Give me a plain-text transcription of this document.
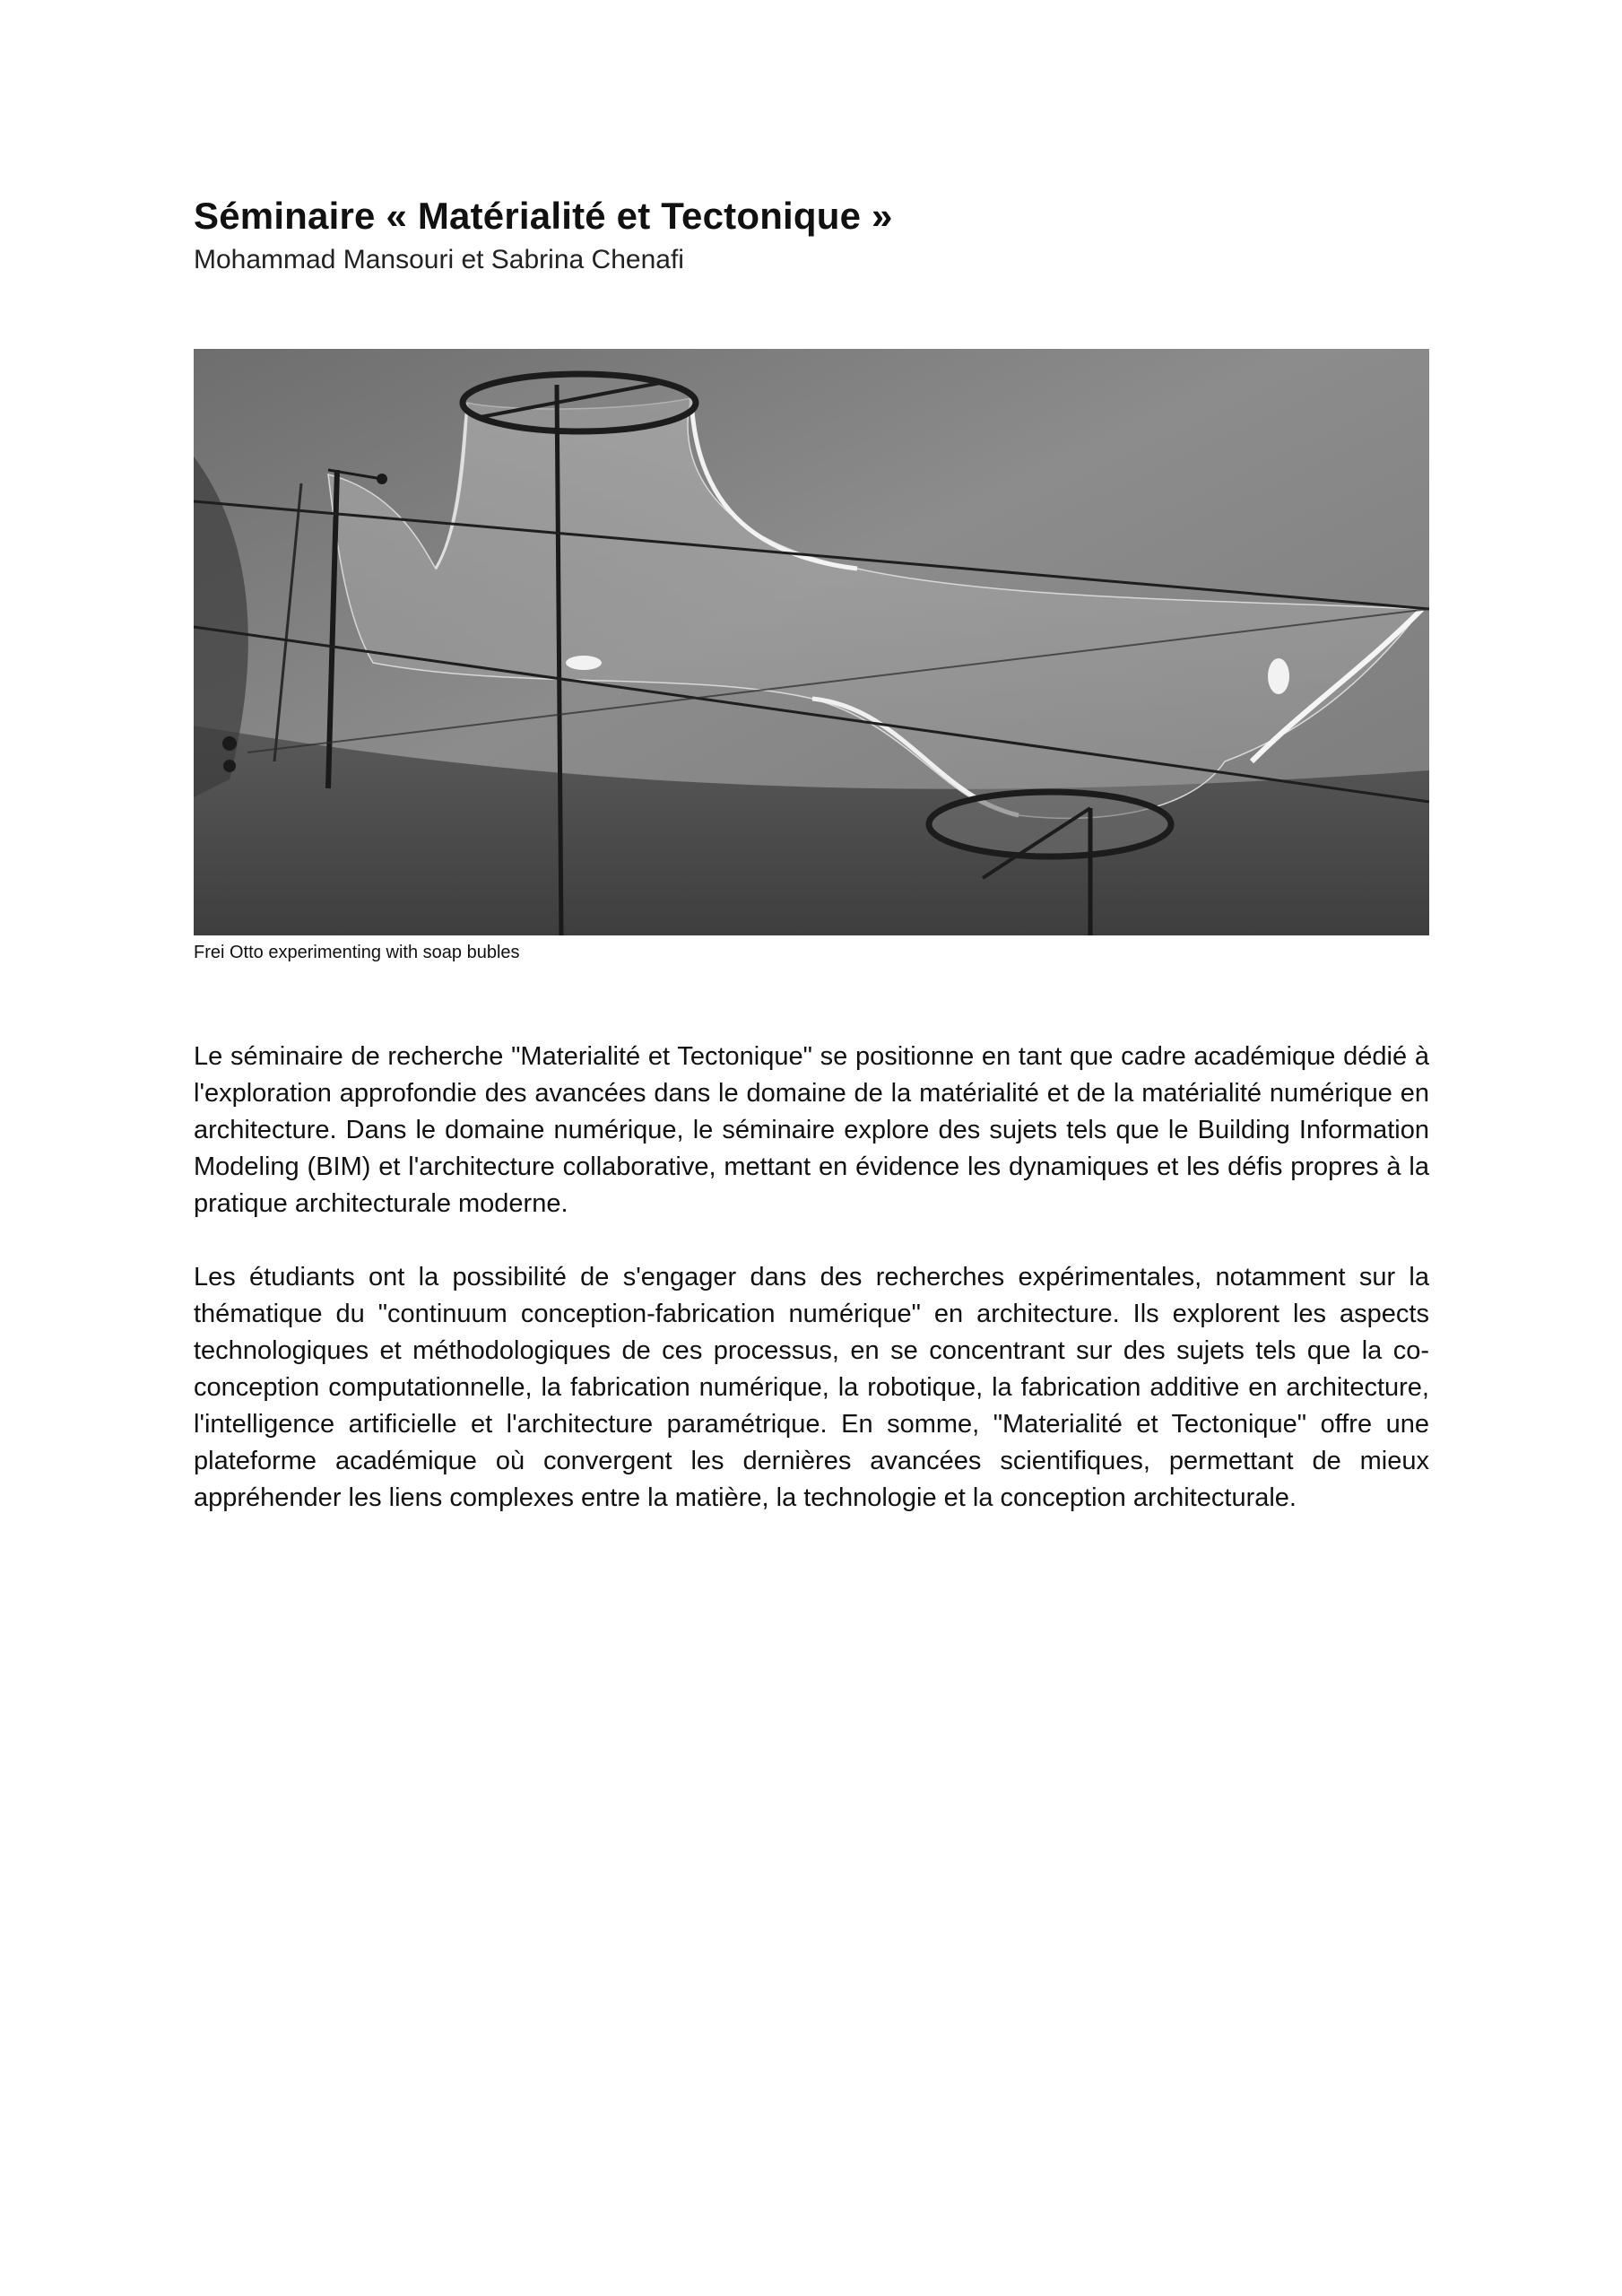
Séminaire « Matérialité et Tectonique »
Mohammad Mansouri et Sabrina Chenafi
Frei Otto experimenting with soap bubles

Le séminaire de recherche "Materialité et Tectonique" se positionne en tant que cadre académique dédié à l'exploration approfondie des avancées dans le domaine de la matérialité et de la matérialité numérique en architecture. Dans le domaine numérique, le séminaire explore des sujets tels que le Building Information Modeling (BIM) et l'architecture collaborative, mettant en évidence les dynamiques et les défis propres à la pratique architecturale moderne.

Les étudiants ont la possibilité de s'engager dans des recherches expérimentales, notamment sur la thématique du "continuum conception-fabrication numérique" en architecture. Ils explorent les aspects technologiques et méthodologiques de ces processus, en se concentrant sur des sujets tels que la co-conception computationnelle, la fabrication numérique, la robotique, la fabrication additive en architecture, l'intelligence artificielle et l'architecture paramétrique. En somme, "Materialité et Tectonique" offre une plateforme académique où convergent les dernières avancées scientifiques, permettant de mieux appréhender les liens complexes entre la matière, la technologie et la conception architecturale.
